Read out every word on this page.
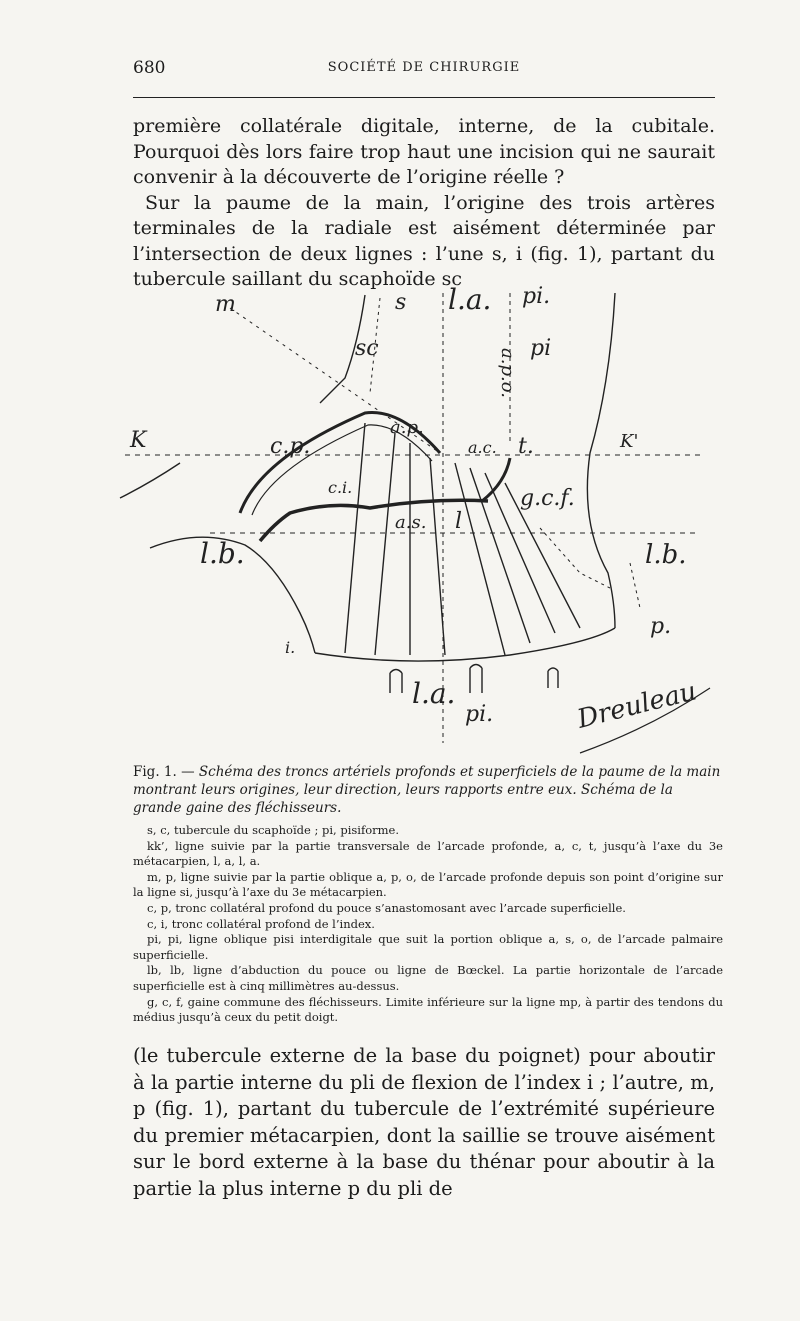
680	SOCIÉTÉ DE CHIRURGIE

première collatérale digitale, interne, de la cubitale. Pourquoi dès lors faire trop haut une incision qui ne saurait convenir à la découverte de l’origine réelle ?

Sur la paume de la main, l’origine des trois artères terminales de la radiale est aisément déterminée par l’intersection de deux lignes : l’une s, i (fig. 1), partant du tubercule saillant du scaphoïde sc

m	s l.a. pi.
sc	pi
K	K'
c.p.
a.p.
a.c. t.
c.i.	g.c.f.
a.s. l
l.b.	l.b.
p.
i.
l.a.
pi.	Dreuleau
a.p.o.
Fig. 1. — Schéma des troncs artériels profonds et superficiels de la paume de la main montrant leurs origines, leur direction, leurs rapports entre eux. Schéma de la grande gaine des fléchisseurs.

s, c, tubercule du scaphoïde ; pi, pisiforme.

kk’, ligne suivie par la partie transversale de l’arcade profonde, a, c, t, jusqu’à l’axe du 3e métacarpien, l, a, l, a.

m, p, ligne suivie par la partie oblique a, p, o, de l’arcade profonde depuis son point d’origine sur la ligne si, jusqu’à l’axe du 3e métacarpien.

c, p, tronc collatéral profond du pouce s’anastomosant avec l’arcade superficielle.

c, i, tronc collatéral profond de l’index.

pi, pi, ligne oblique pisi interdigitale que suit la portion oblique a, s, o, de l’arcade palmaire superficielle.

lb, lb, ligne d’abduction du pouce ou ligne de Bœckel. La partie horizontale de l’arcade superficielle est à cinq millimètres au-dessus.

g, c, f, gaine commune des fléchisseurs. Limite inférieure sur la ligne mp, à partir des tendons du médius jusqu’à ceux du petit doigt.

(le tubercule externe de la base du poignet) pour aboutir à la partie interne du pli de flexion de l’index i ; l’autre, m, p (fig. 1), partant du tubercule de l’extrémité supérieure du premier métacarpien, dont la saillie se trouve aisément sur le bord externe à la base du thénar pour aboutir à la partie la plus interne p du pli de
